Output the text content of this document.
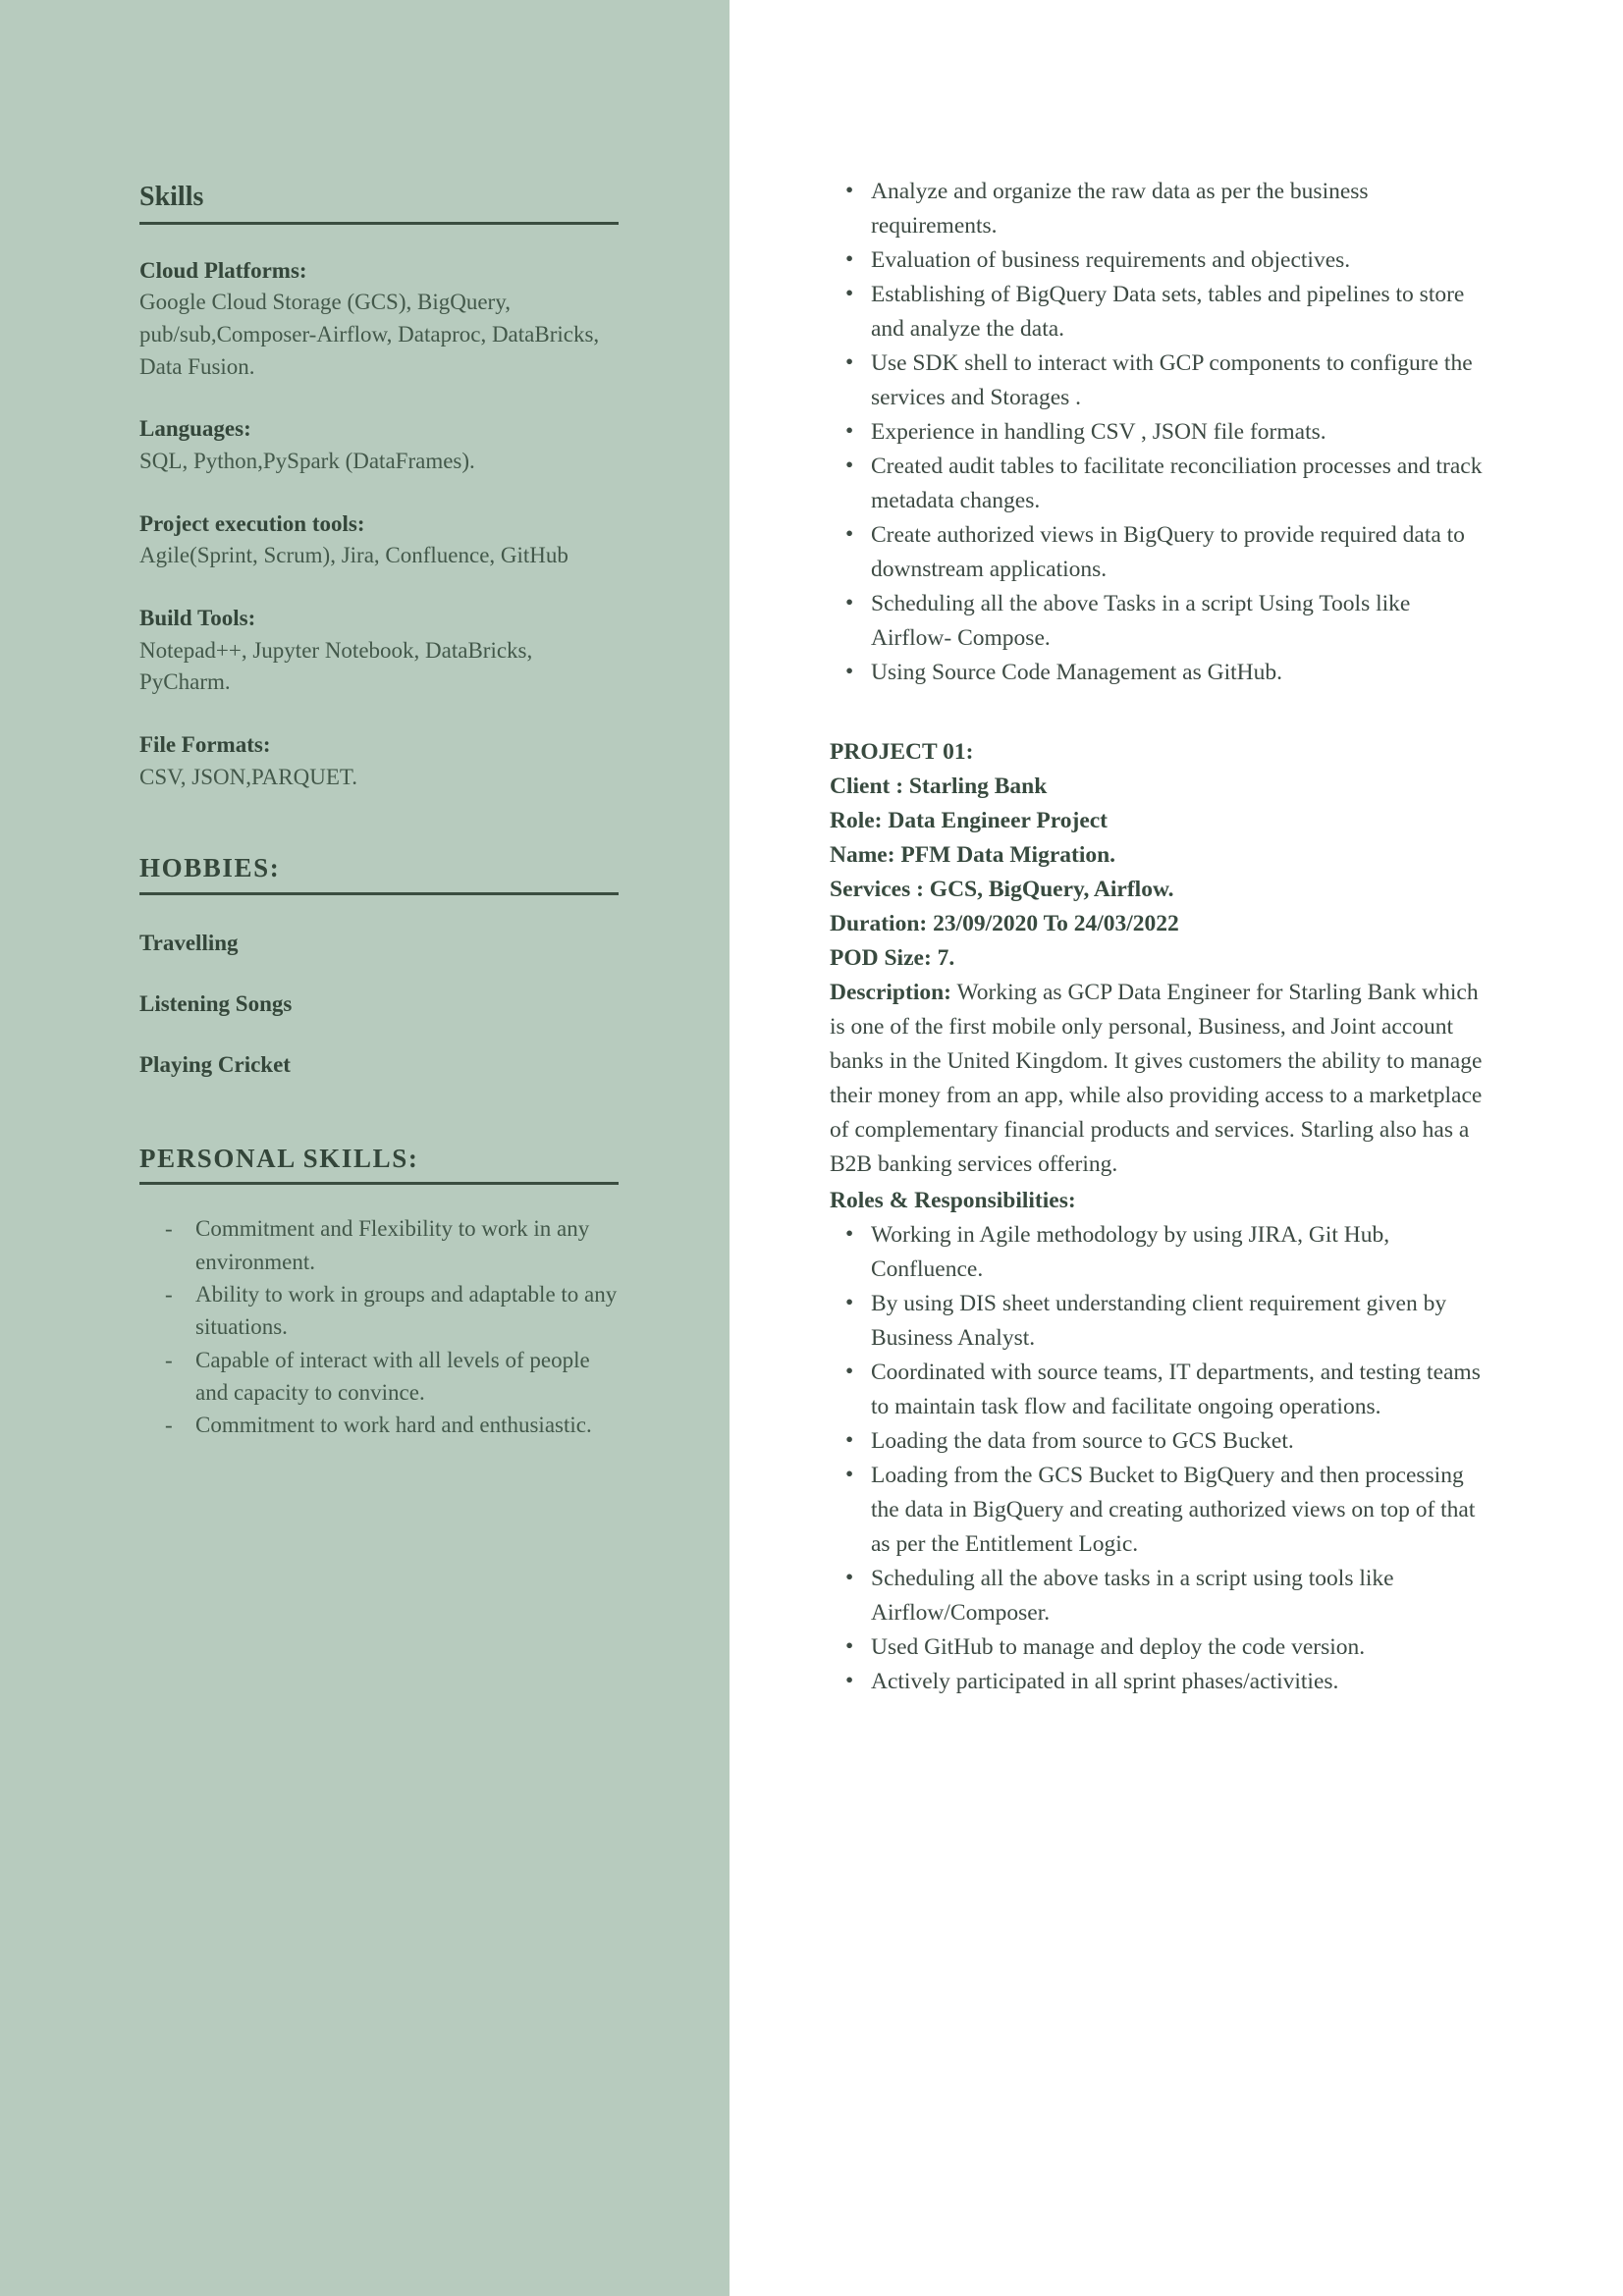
Skills
Cloud Platforms:
Google Cloud Storage (GCS), BigQuery, pub/sub,Composer-Airflow, Dataproc, DataBricks, Data Fusion.
Languages:
SQL, Python,PySpark (DataFrames).
Project execution tools:
Agile(Sprint, Scrum), Jira, Confluence, GitHub
Build Tools:
Notepad++, Jupyter Notebook, DataBricks, PyCharm.
File Formats:
CSV, JSON,PARQUET.
HOBBIES:
Travelling
Listening Songs
Playing Cricket
PERSONAL SKILLS:
- Commitment and Flexibility to work in any environment.
- Ability to work in groups and adaptable to any situations.
- Capable of interact with all levels of people and capacity to convince.
- Commitment to work hard and enthusiastic.
• Analyze and organize the raw data as per the business requirements.
• Evaluation of business requirements and objectives.
• Establishing of BigQuery Data sets, tables and pipelines to store and analyze the data.
• Use SDK shell to interact with GCP components to configure the services and Storages .
• Experience in handling CSV , JSON file formats.
• Created audit tables to facilitate reconciliation processes and track metadata changes.
• Create authorized views in BigQuery to provide required data to downstream applications.
• Scheduling all the above Tasks in a script Using Tools like Airflow- Compose.
• Using Source Code Management as GitHub.
PROJECT 01:
Client : Starling Bank
Role: Data Engineer Project
Name: PFM Data Migration.
Services : GCS, BigQuery, Airflow.
Duration: 23/09/2020 To 24/03/2022
POD Size: 7.

Description: Working as GCP Data Engineer for Starling Bank which is one of the first mobile only personal, Business, and Joint account banks in the United Kingdom. It gives customers the ability to manage their money from an app, while also providing access to a marketplace of complementary financial products and services. Starling also has a B2B banking services offering.

Roles & Responsibilities:
• Working in Agile methodology by using JIRA, Git Hub, Confluence.
• By using DIS sheet understanding client requirement given by Business Analyst.
• Coordinated with source teams, IT departments, and testing teams to maintain task flow and facilitate ongoing operations.
• Loading the data from source to GCS Bucket.
• Loading from the GCS Bucket to BigQuery and then processing the data in BigQuery and creating authorized views on top of that as per the Entitlement Logic.
• Scheduling all the above tasks in a script using tools like Airflow/Composer.
• Used GitHub to manage and deploy the code version.
• Actively participated in all sprint phases/activities.
